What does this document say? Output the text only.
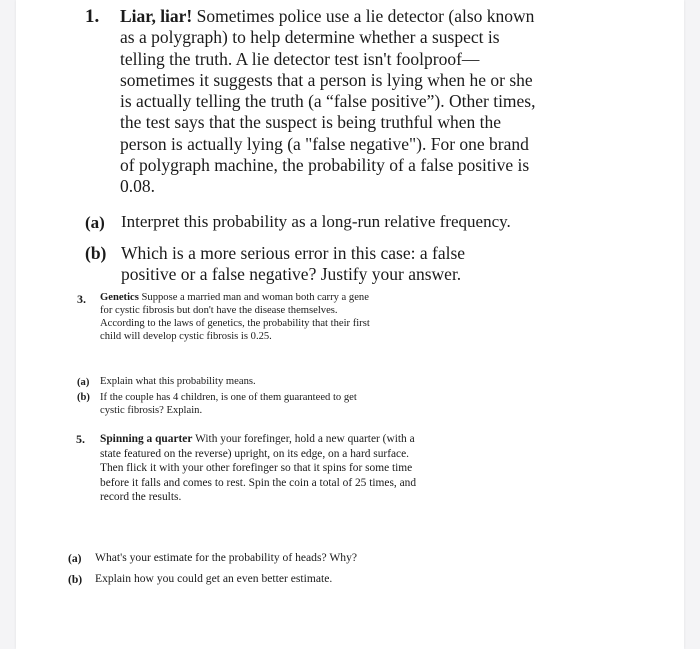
1. Liar, liar! Sometimes police use a lie detector (also known as a polygraph) to help determine whether a suspect is telling the truth. A lie detector test isn't foolproof—sometimes it suggests that a person is lying when he or she is actually telling the truth (a “false positive”). Other times, the test says that the suspect is being truthful when the person is actually lying (a "false negative"). For one brand of polygraph machine, the probability of a false positive is 0.08.
(a) Interpret this probability as a long-run relative frequency.
(b) Which is a more serious error in this case: a false positive or a false negative? Justify your answer.
3. Genetics Suppose a married man and woman both carry a gene for cystic fibrosis but don't have the disease themselves. According to the laws of genetics, the probability that their first child will develop cystic fibrosis is 0.25.
(a) Explain what this probability means.
(b) If the couple has 4 children, is one of them guaranteed to get cystic fibrosis? Explain.
5. Spinning a quarter With your forefinger, hold a new quarter (with a state featured on the reverse) upright, on its edge, on a hard surface. Then flick it with your other forefinger so that it spins for some time before it falls and comes to rest. Spin the coin a total of 25 times, and record the results.
(a) What's your estimate for the probability of heads? Why?
(b) Explain how you could get an even better estimate.
